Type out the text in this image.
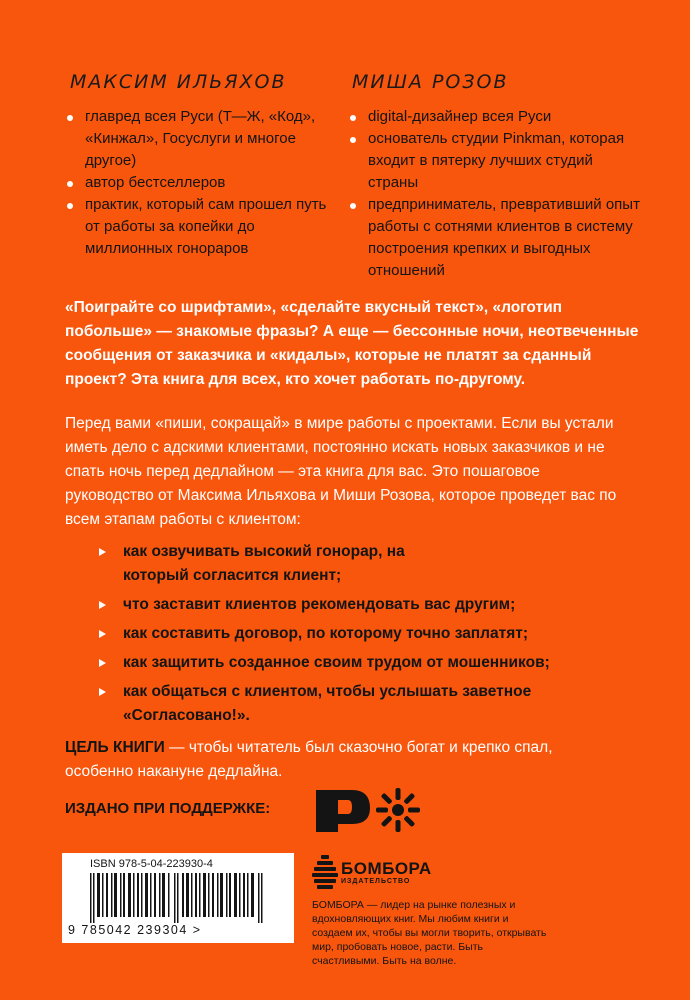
МАКСИМ ИЛЬЯХОВ
главред всея Руси (Т—Ж, «Код», «Кинжал», Госуслуги и многое другое)
автор бестселлеров
практик, который сам прошел путь от работы за копейки до миллионных гонораров
МИША РОЗОВ
digital-дизайнер всея Руси
основатель студии Pinkman, которая входит в пятерку лучших студий страны
предприниматель, превративший опыт работы с сотнями клиентов в систему построения крепких и выгодных отношений
«Поиграйте со шрифтами», «сделайте вкусный текст», «логотип побольше» — знакомые фразы? А еще — бессонные ночи, неотвеченные сообщения от заказчика и «кидалы», которые не платят за сданный проект? Эта книга для всех, кто хочет работать по-другому.
Перед вами «пиши, сокращай» в мире работы с проектами. Если вы устали иметь дело с адскими клиентами, постоянно искать новых заказчиков и не спать ночь перед дедлайном — эта книга для вас. Это пошаговое руководство от Максима Ильяхова и Миши Розова, которое проведет вас по всем этапам работы с клиентом:
как озвучивать высокий гонорар, на который согласится клиент;
что заставит клиентов рекомендовать вас другим;
как составить договор, по которому точно заплатят;
как защитить созданное своим трудом от мошенников;
как общаться с клиентом, чтобы услышать заветное «Согласовано!».
ЦЕЛЬ КНИГИ — чтобы читатель был сказочно богат и крепко спал, особенно накануне дедлайна.
ИЗДАНО ПРИ ПОДДЕРЖКЕ:
ISBN 978-5-04-223930-4
9 785042 239304 >
БОМБОРА
ИЗДАТЕЛЬСТВО
БОМБОРА — лидер на рынке полезных и вдохновляющих книг. Мы любим книги и создаем их, чтобы вы могли творить, открывать мир, пробовать новое, расти. Быть счастливыми. Быть на волне.
